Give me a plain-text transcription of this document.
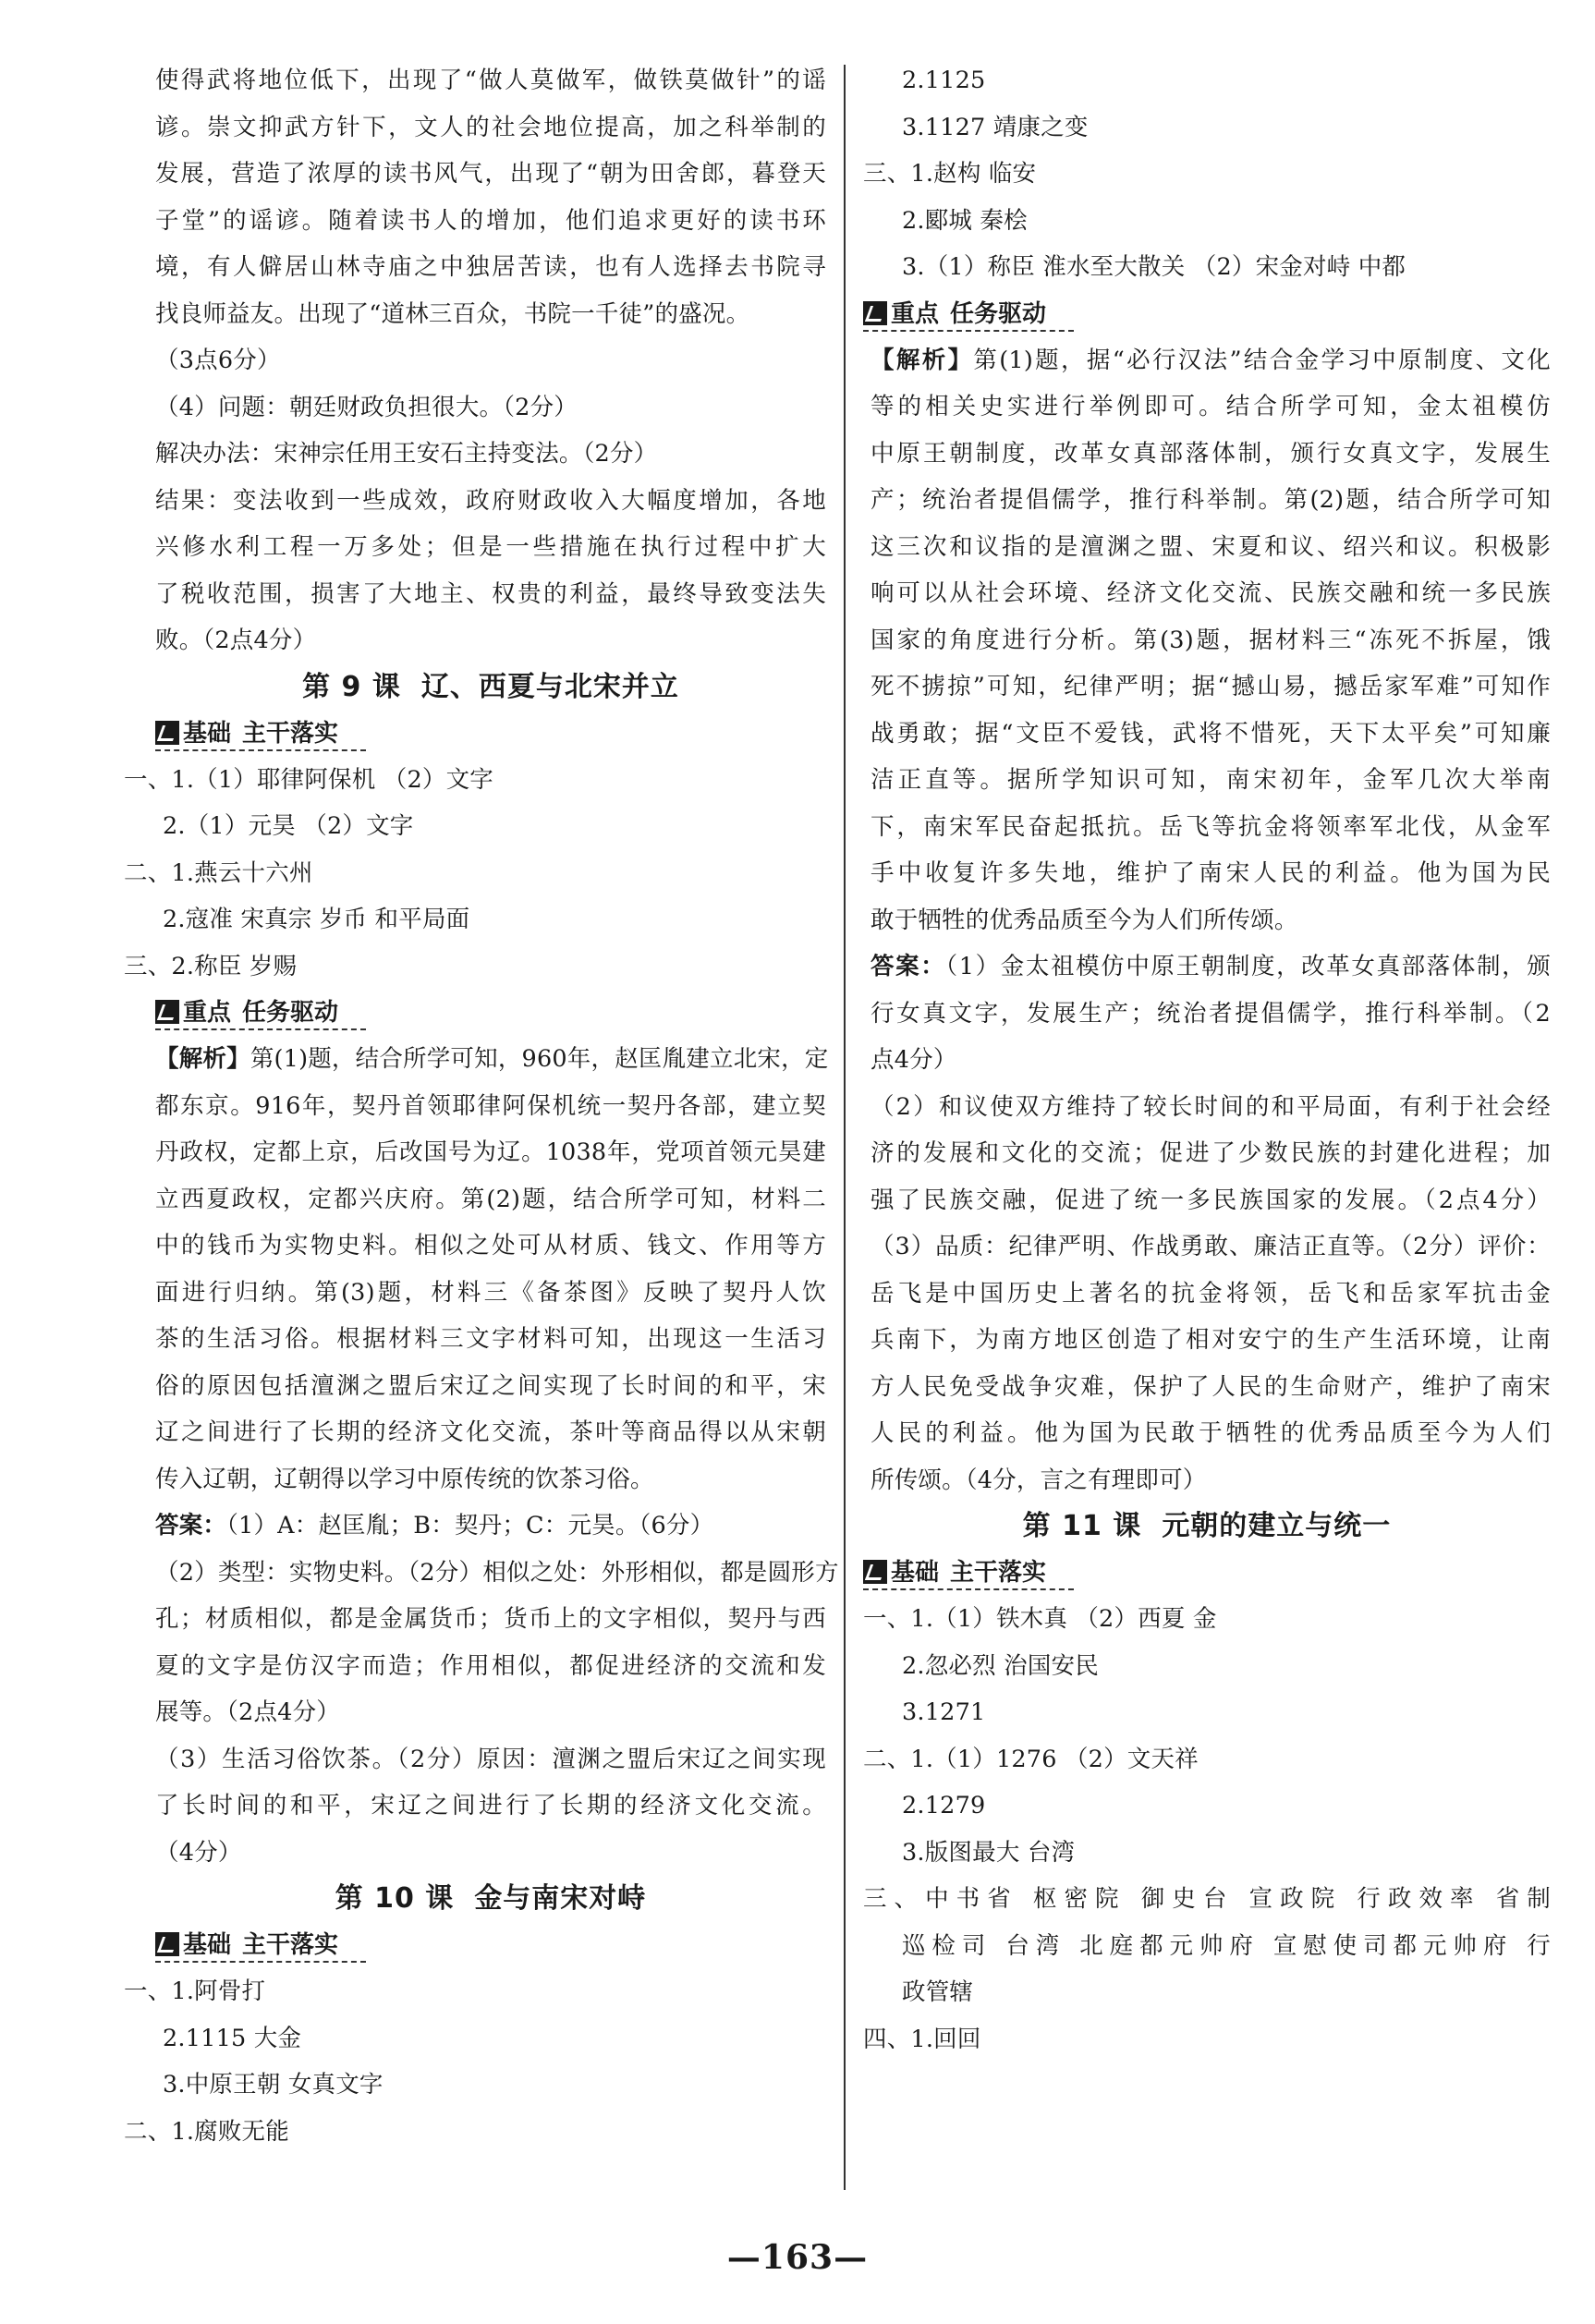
使得武将地位低下，出现了“做人莫做军，做铁莫做针”的谣
谚。崇文抑武方针下，文人的社会地位提高，加之科举制的
发展，营造了浓厚的读书风气，出现了“朝为田舍郎，暮登天
子堂”的谣谚。随着读书人的增加，他们追求更好的读书环
境，有人僻居山林寺庙之中独居苦读，也有人选择去书院寻
找良师益友。出现了“道林三百众，书院一千徒”的盛况。
（3点6分）
（4）问题：朝廷财政负担很大。（2分）
解决办法：宋神宗任用王安石主持变法。（2分）
结果：变法收到一些成效，政府财政收入大幅度增加，各地
兴修水利工程一万多处；但是一些措施在执行过程中扩大
了税收范围，损害了大地主、权贵的利益，最终导致变法失
败。（2点4分）
第 9 课 辽、西夏与北宋并立
基础 主干落实
一、1.（1）耶律阿保机 （2）文字
2.（1）元昊 （2）文字
二、1.燕云十六州
2.寇准 宋真宗 岁币 和平局面
三、2.称臣 岁赐
重点 任务驱动
【解析】第(1)题，结合所学可知，960年，赵匡胤建立北宋，定
都东京。916年，契丹首领耶律阿保机统一契丹各部，建立契
丹政权，定都上京，后改国号为辽。1038年，党项首领元昊建
立西夏政权，定都兴庆府。第(2)题，结合所学可知，材料二
中的钱币为实物史料。相似之处可从材质、钱文、作用等方
面进行归纳。第(3)题，材料三《备茶图》反映了契丹人饮
茶的生活习俗。根据材料三文字材料可知，出现这一生活习
俗的原因包括澶渊之盟后宋辽之间实现了长时间的和平，宋
辽之间进行了长期的经济文化交流，茶叶等商品得以从宋朝
传入辽朝，辽朝得以学习中原传统的饮茶习俗。
答案：（1）A：赵匡胤；B：契丹；C：元昊。（6分）
（2）类型：实物史料。（2分）相似之处：外形相似，都是圆形方
孔；材质相似，都是金属货币；货币上的文字相似，契丹与西
夏的文字是仿汉字而造；作用相似，都促进经济的交流和发
展等。（2点4分）
（3）生活习俗饮茶。（2分）原因：澶渊之盟后宋辽之间实现
了长时间的和平，宋辽之间进行了长期的经济文化交流。
（4分）
第 10 课 金与南宋对峙
基础 主干落实
一、1.阿骨打
2.1115 大金
3.中原王朝 女真文字
二、1.腐败无能
2.1125
3.1127 靖康之变
三、1.赵构 临安
2.郾城 秦桧
3.（1）称臣 淮水至大散关 （2）宋金对峙 中都
重点 任务驱动
【解析】第(1)题，据“必行汉法”结合金学习中原制度、文化
等的相关史实进行举例即可。结合所学可知，金太祖模仿
中原王朝制度，改革女真部落体制，颁行女真文字，发展生
产；统治者提倡儒学，推行科举制。第(2)题，结合所学可知
这三次和议指的是澶渊之盟、宋夏和议、绍兴和议。积极影
响可以从社会环境、经济文化交流、民族交融和统一多民族
国家的角度进行分析。第(3)题，据材料三“冻死不拆屋，饿
死不掳掠”可知，纪律严明；据“撼山易，撼岳家军难”可知作
战勇敢；据“文臣不爱钱，武将不惜死，天下太平矣”可知廉
洁正直等。据所学知识可知，南宋初年，金军几次大举南
下，南宋军民奋起抵抗。岳飞等抗金将领率军北伐，从金军
手中收复许多失地，维护了南宋人民的利益。他为国为民
敢于牺牲的优秀品质至今为人们所传颂。
答案：（1）金太祖模仿中原王朝制度，改革女真部落体制，颁
行女真文字，发展生产；统治者提倡儒学，推行科举制。（2
点4分）
（2）和议使双方维持了较长时间的和平局面，有利于社会经
济的发展和文化的交流；促进了少数民族的封建化进程；加
强了民族交融，促进了统一多民族国家的发展。（2点4分）
（3）品质：纪律严明、作战勇敢、廉洁正直等。（2分）评价：
岳飞是中国历史上著名的抗金将领，岳飞和岳家军抗击金
兵南下，为南方地区创造了相对安宁的生产生活环境，让南
方人民免受战争灾难，保护了人民的生命财产，维护了南宋
人民的利益。他为国为民敢于牺牲的优秀品质至今为人们
所传颂。（4分，言之有理即可）
第 11 课 元朝的建立与统一
基础 主干落实
一、1.（1）铁木真 （2）西夏 金
2.忽必烈 治国安民
3.1271
二、1.（1）1276 （2）文天祥
2.1279
3.版图最大 台湾
三、中书省 枢密院 御史台 宣政院 行政效率 省制
巡检司 台湾 北庭都元帅府 宣慰使司都元帅府 行
政管辖
四、1.回回
—163—
